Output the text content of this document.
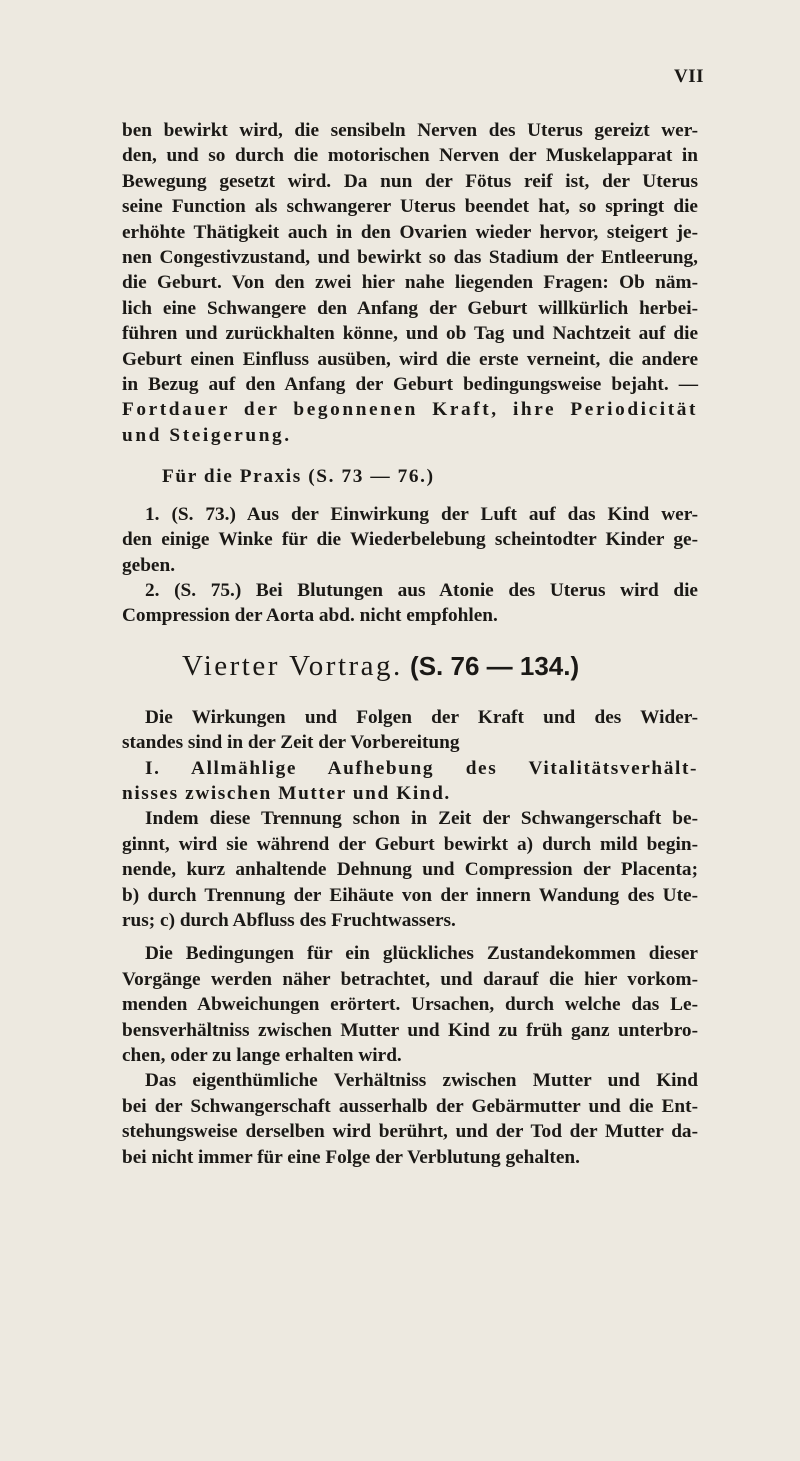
VII
ben bewirkt wird, die sensibeln Nerven des Uterus gereizt wer-
den, und so durch die motorischen Nerven der Muskelapparat in
Bewegung gesetzt wird. Da nun der Fötus reif ist, der Uterus
seine Function als schwangerer Uterus beendet hat, so springt die
erhöhte Thätigkeit auch in den Ovarien wieder hervor, steigert je-
nen Congestivzustand, und bewirkt so das Stadium der Entleerung,
die Geburt. Von den zwei hier nahe liegenden Fragen: Ob näm-
lich eine Schwangere den Anfang der Geburt willkürlich herbei-
führen und zurückhalten könne, und ob Tag und Nachtzeit auf die
Geburt einen Einfluss ausüben, wird die erste verneint, die andere
in Bezug auf den Anfang der Geburt bedingungsweise bejaht. —
Fortdauer der begonnenen Kraft, ihre Periodicität
und Steigerung.
Für die Praxis (S. 73 — 76.)
1. (S. 73.) Aus der Einwirkung der Luft auf das Kind wer-
den einige Winke für die Wiederbelebung scheintodter Kinder ge-
geben.
2. (S. 75.) Bei Blutungen aus Atonie des Uterus wird die
Compression der Aorta abd. nicht empfohlen.
Vierter Vortrag. (S. 76 — 134.)
Die Wirkungen und Folgen der Kraft und des Wider-
standes sind in der Zeit der Vorbereitung
I. Allmählige Aufhebung des Vitalitätsverhält-
nisses zwischen Mutter und Kind.
Indem diese Trennung schon in Zeit der Schwangerschaft be-
ginnt, wird sie während der Geburt bewirkt a) durch mild begin-
nende, kurz anhaltende Dehnung und Compression der Placenta;
b) durch Trennung der Eihäute von der innern Wandung des Ute-
rus; c) durch Abfluss des Fruchtwassers.
Die Bedingungen für ein glückliches Zustandekommen dieser
Vorgänge werden näher betrachtet, und darauf die hier vorkom-
menden Abweichungen erörtert. Ursachen, durch welche das Le-
bensverhältniss zwischen Mutter und Kind zu früh ganz unterbro-
chen, oder zu lange erhalten wird.
Das eigenthümliche Verhältniss zwischen Mutter und Kind
bei der Schwangerschaft ausserhalb der Gebärmutter und die Ent-
stehungsweise derselben wird berührt, und der Tod der Mutter da-
bei nicht immer für eine Folge der Verblutung gehalten.
